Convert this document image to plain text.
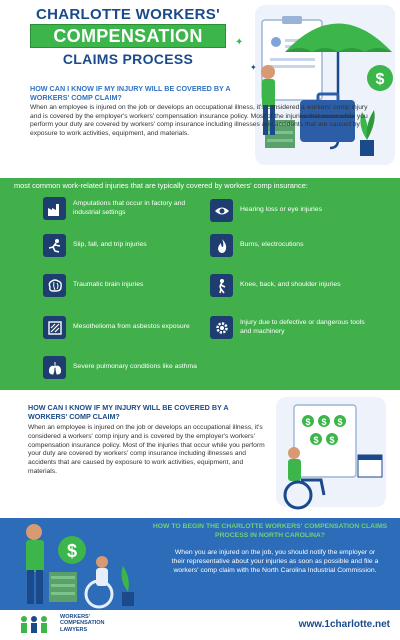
$
✦
✦
CHARLOTTE WORKERS'
COMPENSATION
CLAIMS PROCESS
HOW CAN I KNOW IF MY INJURY WILL BE COVERED BY A WORKERS' COMP CLAIM?
When an employee is injured on the job or develops an occupational illness, it's considered a workers' comp injury and is covered by the employer's workers' compensation insurance policy. Most of the injuries that occur while you perform your duty are covered by workers' comp insurance including illnesses and accidents that are caused by exposure to work activities, equipment, and materials.
most common work-related injuries that are typically covered by workers' comp insurance:
Amputations that occur in factory and industrial settings	Hearing loss or eye injuries
Slip, fall, and trip injuries	Burns, electrocutions
Traumatic brain injuries	Knee, back, and shoulder injuries
Mesothelioma from asbestos exposure
Injury due to defective or dangerous tools and machinery
Severe pulmonary conditions like asthma
HOW CAN I KNOW IF MY INJURY WILL BE COVERED BY A WORKERS' COMP CLAIM?
When an employee is injured on the job or develops an occupational illness, it's considered a workers' comp injury and is covered by the employer's workers' compensation insurance policy. Most of the injuries that occur while you perform your duty are covered by workers' comp insurance including illnesses and accidents that are caused by exposure to work activities, equipment, and materials.
$ $ $
$ $
$
HOW TO BEGIN THE CHARLOTTE WORKERS' COMPENSATION CLAIMS PROCESS IN NORTH CAROLINA?
When you are injured on the job, you should notify the employer or their representative about your injuries as soon as possible and file a workers' comp claim with the North Carolina Industrial Commission.
WORKERS'
COMPENSATION
LAWYERS	www.1charlotte.net
